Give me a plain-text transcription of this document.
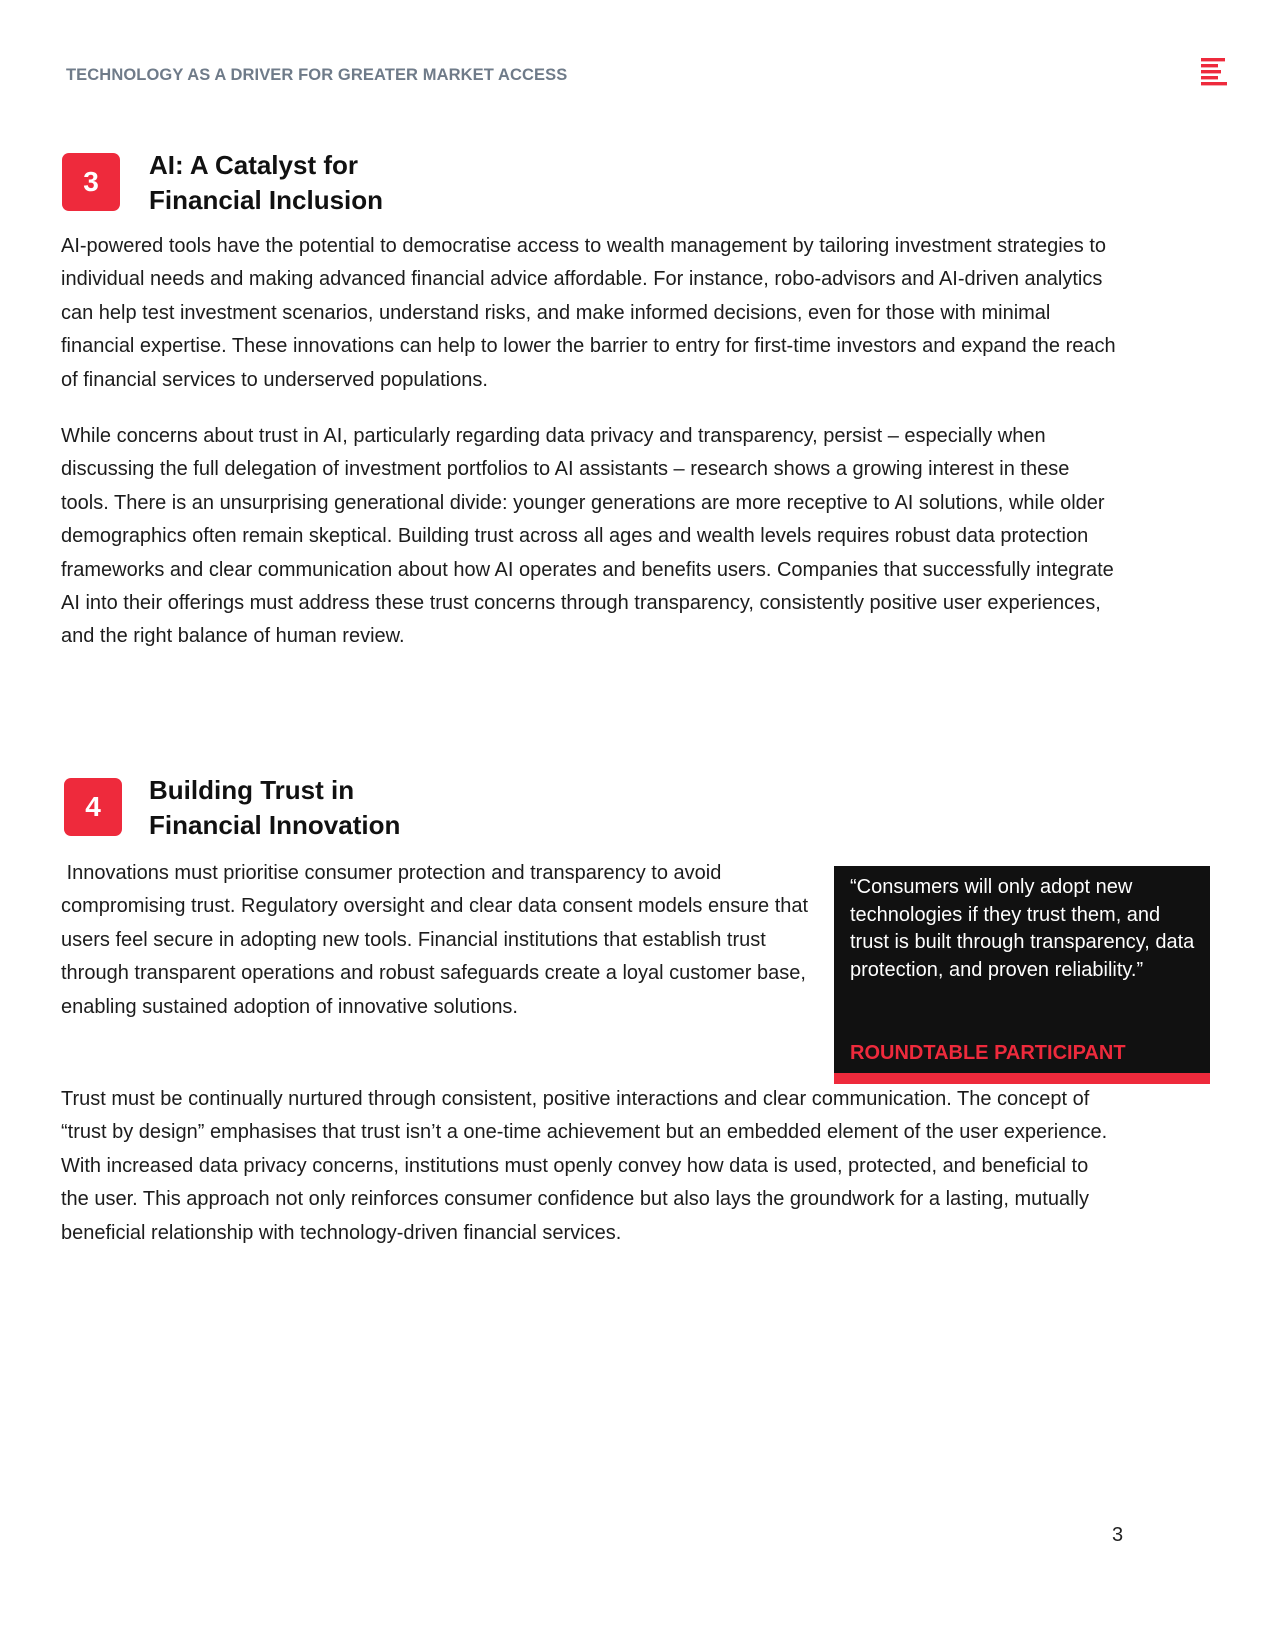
TECHNOLOGY AS A DRIVER FOR GREATER MARKET ACCESS
3
AI: A Catalyst for
Financial Inclusion

AI-powered tools have the potential to democratise access to wealth management by tailoring investment strategies to individual needs and making advanced financial advice affordable. For instance, robo-advisors and AI-driven analytics can help test investment scenarios, understand risks, and make informed decisions, even for those with minimal financial expertise. These innovations can help to lower the barrier to entry for first-time investors and expand the reach of financial services to underserved populations.

While concerns about trust in AI, particularly regarding data privacy and transparency, persist – especially when discussing the full delegation of investment portfolios to AI assistants – research shows a growing interest in these tools. There is an unsurprising generational divide: younger generations are more receptive to AI solutions, while older demographics often remain skeptical. Building trust across all ages and wealth levels requires robust data protection frameworks and clear communication about how AI operates and benefits users. Companies that successfully integrate AI into their offerings must address these trust concerns through transparency, consistently positive user experiences, and the right balance of human review.

4
Building Trust in
Financial Innovation

Innovations must prioritise consumer protection and transparency to avoid compromising trust. Regulatory oversight and clear data consent models ensure that users feel secure in adopting new tools. Financial institutions that establish trust through transparent operations and robust safeguards create a loyal customer base, enabling sustained adoption of innovative solutions.

Trust must be continually nurtured through consistent, positive interactions and clear communication. The concept of “trust by design” emphasises that trust isn’t a one-time achievement but an embedded element of the user experience. With increased data privacy concerns, institutions must openly convey how data is used, protected, and beneficial to the user. This approach not only reinforces consumer confidence but also lays the groundwork for a lasting, mutually beneficial relationship with technology-driven financial services.

“Consumers will only adopt new technologies if they trust them, and trust is built through transparency, data protection, and proven reliability.”
ROUNDTABLE PARTICIPANT
3
